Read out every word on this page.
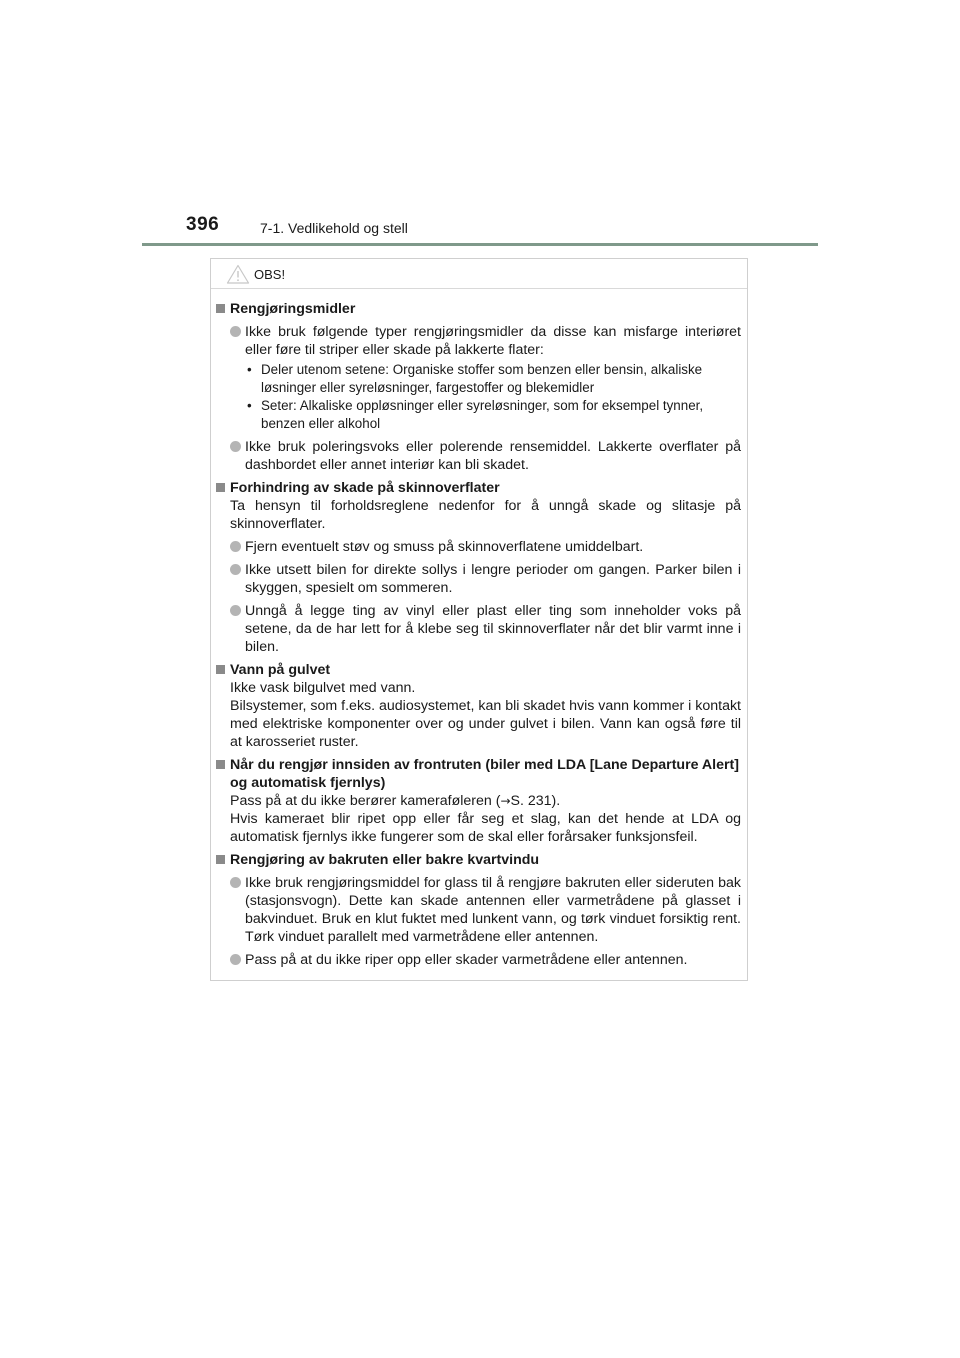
396	7-1. Vedlikehold og stell
OBS!
Rengjøringsmidler
Ikke bruk følgende typer rengjøringsmidler da disse kan misfarge interiøret eller føre til striper eller skade på lakkerte flater:
• Deler utenom setene: Organiske stoffer som benzen eller bensin, alkaliske løsninger eller syreløsninger, fargestoffer og blekemidler
• Seter: Alkaliske oppløsninger eller syreløsninger, som for eksempel tynner, benzen eller alkohol
Ikke bruk poleringsvoks eller polerende rensemiddel. Lakkerte overflater på dashbordet eller annet interiør kan bli skadet.
Forhindring av skade på skinnoverflater
Ta hensyn til forholdsreglene nedenfor for å unngå skade og slitasje på skinnoverflater.
Fjern eventuelt støv og smuss på skinnoverflatene umiddelbart.
Ikke utsett bilen for direkte sollys i lengre perioder om gangen. Parker bilen i skyggen, spesielt om sommeren.
Unngå å legge ting av vinyl eller plast eller ting som inneholder voks på setene, da de har lett for å klebe seg til skinnoverflater når det blir varmt inne i bilen.
Vann på gulvet
Ikke vask bilgulvet med vann.
Bilsystemer, som f.eks. audiosystemet, kan bli skadet hvis vann kommer i kontakt med elektriske komponenter over og under gulvet i bilen. Vann kan også føre til at karosseriet ruster.
Når du rengjør innsiden av frontruten (biler med LDA [Lane Departure Alert] og automatisk fjernlys)
Pass på at du ikke berører kameraføleren (→S. 231).
Hvis kameraet blir ripet opp eller får seg et slag, kan det hende at LDA og automatisk fjernlys ikke fungerer som de skal eller forårsaker funksjonsfeil.
Rengjøring av bakruten eller bakre kvartvindu
Ikke bruk rengjøringsmiddel for glass til å rengjøre bakruten eller sideruten bak (stasjonsvogn). Dette kan skade antennen eller varmetrådene på glasset i bakvinduet. Bruk en klut fuktet med lunkent vann, og tørk vinduet forsiktig rent. Tørk vinduet parallelt med varmetrådene eller antennen.
Pass på at du ikke riper opp eller skader varmetrådene eller antennen.
